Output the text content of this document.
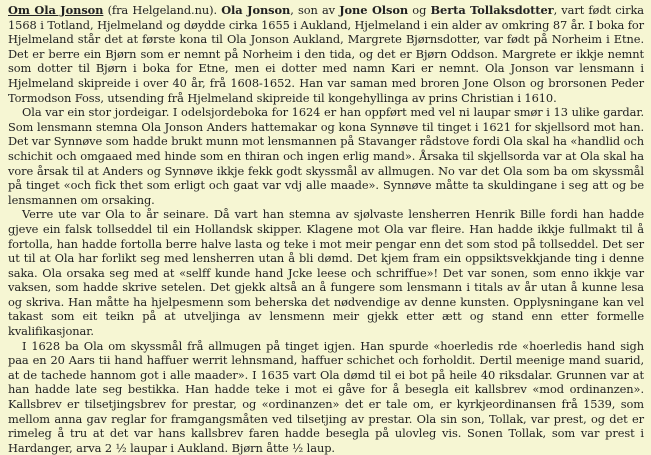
Om Ola Jonson (fra Helgeland.nu). Ola Jonson, son av Jone Olson og Berta Tollaksdotter, vart født cirka 1568 i Totland, Hjelmeland og døydde cirka 1655 i Aukland, Hjelmeland i ein alder av omkring 87 år. I boka for Hjelmeland står det at første kona til Ola Jonson Aukland, Margrete Bjørnsdotter, var født på Norheim i Etne. Det er berre ein Bjørn som er nemnt på Norheim i den tida, og det er Bjørn Oddson. Margrete er ikkje nemnt som dotter til Bjørn i boka for Etne, men ei dotter med namn Kari er nemnt. Ola Jonson var lensmann i Hjelmeland skipreide i over 40 år, frå 1608-1652. Han var saman med broren Jone Olson og brorsonen Peder Tormodson Foss, utsending frå Hjelmeland skipreide til kongehyllinga av prins Christian i 1610.

Ola var ein stor jordeigar. I odelsjordeboka for 1624 er han oppført med vel ni laupar smør i 13 ulike gardar. Som lensmann stemna Ola Jonson Anders hattemakar og kona Synnøve til tinget i 1621 for skjellsord mot han. Det var Synnøve som hadde brukt munn mot lensmannen på Stavanger rådstove fordi Ola skal ha «handlid och schichit och omgaaed med hinde som en thiran och ingen erlig mand». Årsaka til skjellsorda var at Ola skal ha vore årsak til at Anders og Synnøve ikkje fekk godt skyssmål av allmugen. No var det Ola som ba om skyssmål på tinget «och fick thet som erligt och gaat var vdj alle maade». Synnøve måtte ta skuldingane i seg att og be lensmannen om orsaking.

Verre ute var Ola to år seinare. Då vart han stemna av sjølvaste lensherren Henrik Bille fordi han hadde gjeve ein falsk tollseddel til ein Hollandsk skipper. Klagene mot Ola var fleire. Han hadde ikkje fullmakt til å fortolla, han hadde fortolla berre halve lasta og teke i mot meir pengar enn det som stod på tollseddel. Det ser ut til at Ola har forlikt seg med lensherren utan å bli dømd. Det kjem fram ein oppsiktsvekkjande ting i denne saka. Ola orsaka seg med at «selff kunde hand Jcke leese och schriffue»! Det var sonen, som enno ikkje var vaksen, som hadde skrive setelen. Det gjekk altså an å fungere som lensmann i titals av år utan å kunne lesa og skriva. Han måtte ha hjelpesmenn som beherska det nødvendige av denne kunsten. Opplysningane kan vel takast som eit teikn på at utveljinga av lensmenn meir gjekk etter ætt og stand enn etter formelle kvalifikasjonar.

I 1628 ba Ola om skyssmål frå allmugen på tinget igjen. Han spurde «hoerledis rde «hoerledis hand sigh paa en 20 Aars tii hand haffuer werrit lehnsmand, haffuer schichet och forholdit. Dertil meenige mand suarid, at de tachede hannom got i alle maader». I 1635 vart Ola dømd til ei bot på heile 40 riksdalar. Grunnen var at han hadde late seg bestikka. Han hadde teke i mot ei gåve for å besegla eit kallsbrev «mod ordinanzen». Kallsbrev er tilsetjingsbrev for prestar, og «ordinanzen» det er tale om, er kyrkjeordinansen frå 1539, som mellom anna gav reglar for framgangsmåten ved tilsetjing av prestar. Ola sin son, Tollak, var prest, og det er rimeleg å tru at det var hans kallsbrev faren hadde besegla på ulovleg vis. Sonen Tollak, som var prest i Hardanger, arva 2 ½ laupar i Aukland. Bjørn åtte ½ laup.
